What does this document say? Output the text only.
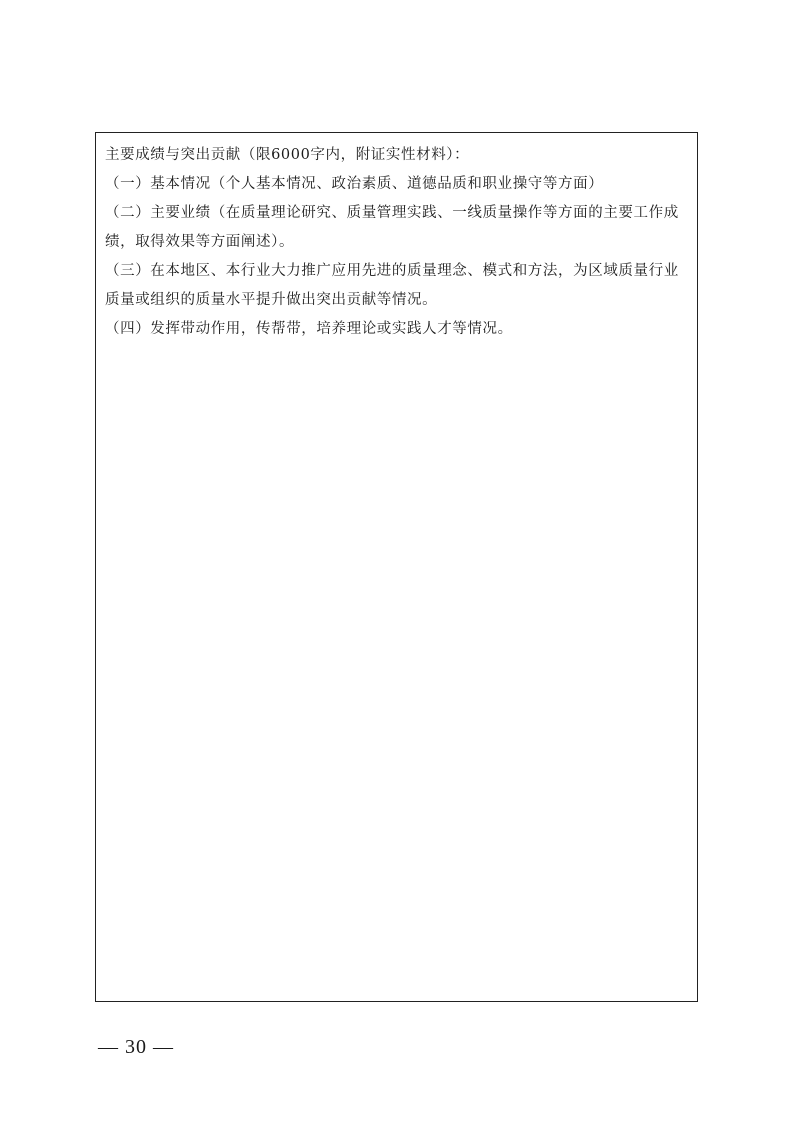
主要成绩与突出贡献（限6000字内，附证实性材料）：

（一）基本情况（个人基本情况、政治素质、道德品质和职业操守等方面）

（二）主要业绩（在质量理论研究、质量管理实践、一线质量操作等方面的主要工作成绩，取得效果等方面阐述）。

（三）在本地区、本行业大力推广应用先进的质量理念、模式和方法，为区域质量行业质量或组织的质量水平提升做出突出贡献等情况。

（四）发挥带动作用，传帮带，培养理论或实践人才等情况。

— 30 —
